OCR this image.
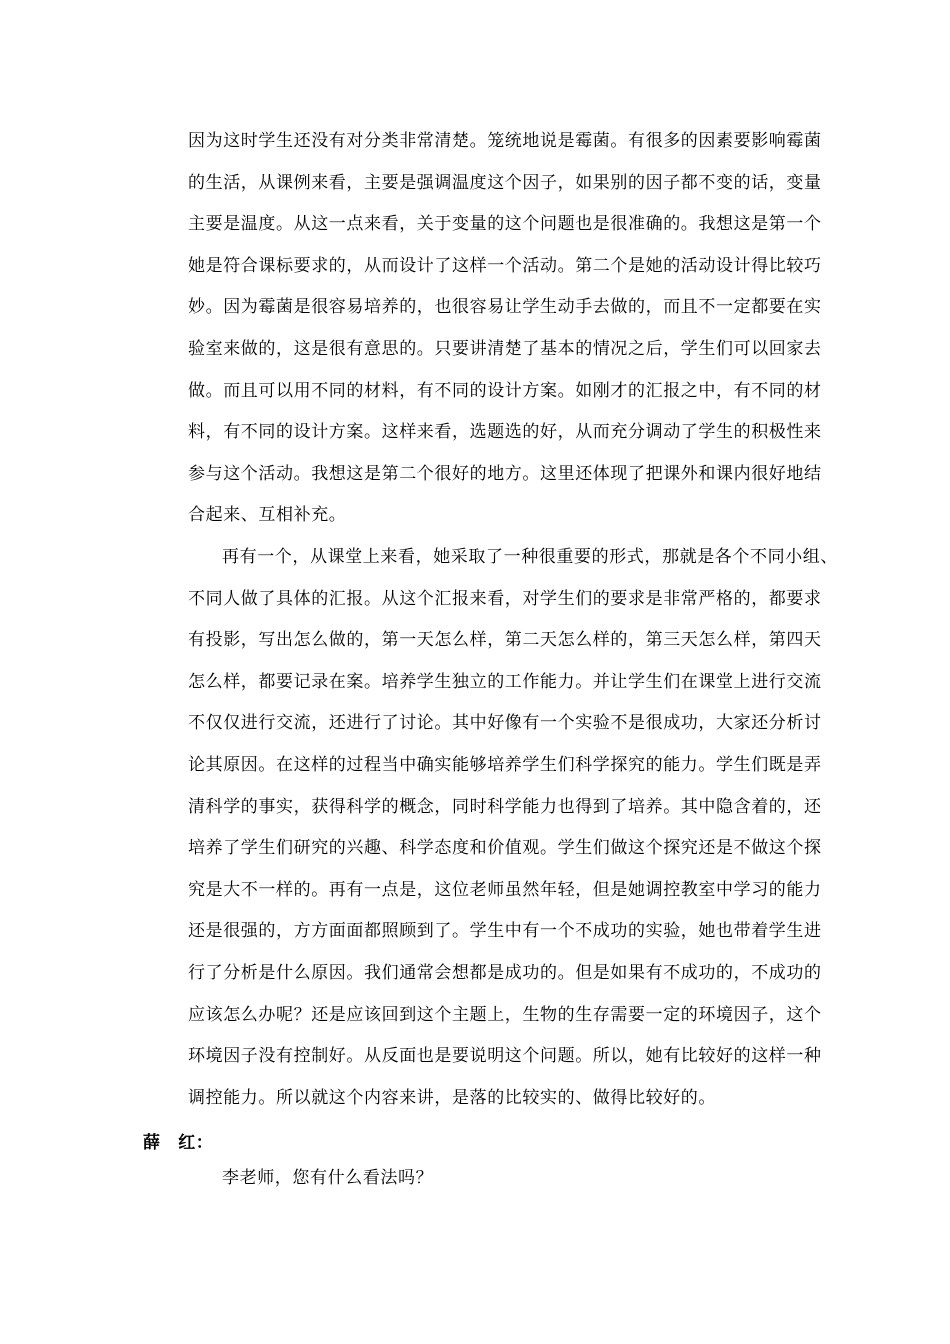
因为这时学生还没有对分类非常清楚。笼统地说是霉菌。有很多的因素要影响霉菌
的生活，从课例来看，主要是强调温度这个因子，如果别的因子都不变的话，变量
主要是温度。从这一点来看，关于变量的这个问题也是很准确的。我想这是第一个
她是符合课标要求的，从而设计了这样一个活动。第二个是她的活动设计得比较巧
妙。因为霉菌是很容易培养的，也很容易让学生动手去做的，而且不一定都要在实
验室来做的，这是很有意思的。只要讲清楚了基本的情况之后，学生们可以回家去
做。而且可以用不同的材料，有不同的设计方案。如刚才的汇报之中，有不同的材
料，有不同的设计方案。这样来看，选题选的好，从而充分调动了学生的积极性来
参与这个活动。我想这是第二个很好的地方。这里还体现了把课外和课内很好地结
合起来、互相补充。
再有一个，从课堂上来看，她采取了一种很重要的形式，那就是各个不同小组、
不同人做了具体的汇报。从这个汇报来看，对学生们的要求是非常严格的，都要求
有投影，写出怎么做的，第一天怎么样，第二天怎么样的，第三天怎么样，第四天
怎么样，都要记录在案。培养学生独立的工作能力。并让学生们在课堂上进行交流
不仅仅进行交流，还进行了讨论。其中好像有一个实验不是很成功，大家还分析讨
论其原因。在这样的过程当中确实能够培养学生们科学探究的能力。学生们既是弄
清科学的事实，获得科学的概念，同时科学能力也得到了培养。其中隐含着的，还
培养了学生们研究的兴趣、科学态度和价值观。学生们做这个探究还是不做这个探
究是大不一样的。再有一点是，这位老师虽然年轻，但是她调控教室中学习的能力
还是很强的，方方面面都照顾到了。学生中有一个不成功的实验，她也带着学生进
行了分析是什么原因。我们通常会想都是成功的。但是如果有不成功的，不成功的
应该怎么办呢？还是应该回到这个主题上，生物的生存需要一定的环境因子，这个
环境因子没有控制好。从反面也是要说明这个问题。所以，她有比较好的这样一种
调控能力。所以就这个内容来讲，是落的比较实的、做得比较好的。
薛　红：
李老师，您有什么看法吗？
